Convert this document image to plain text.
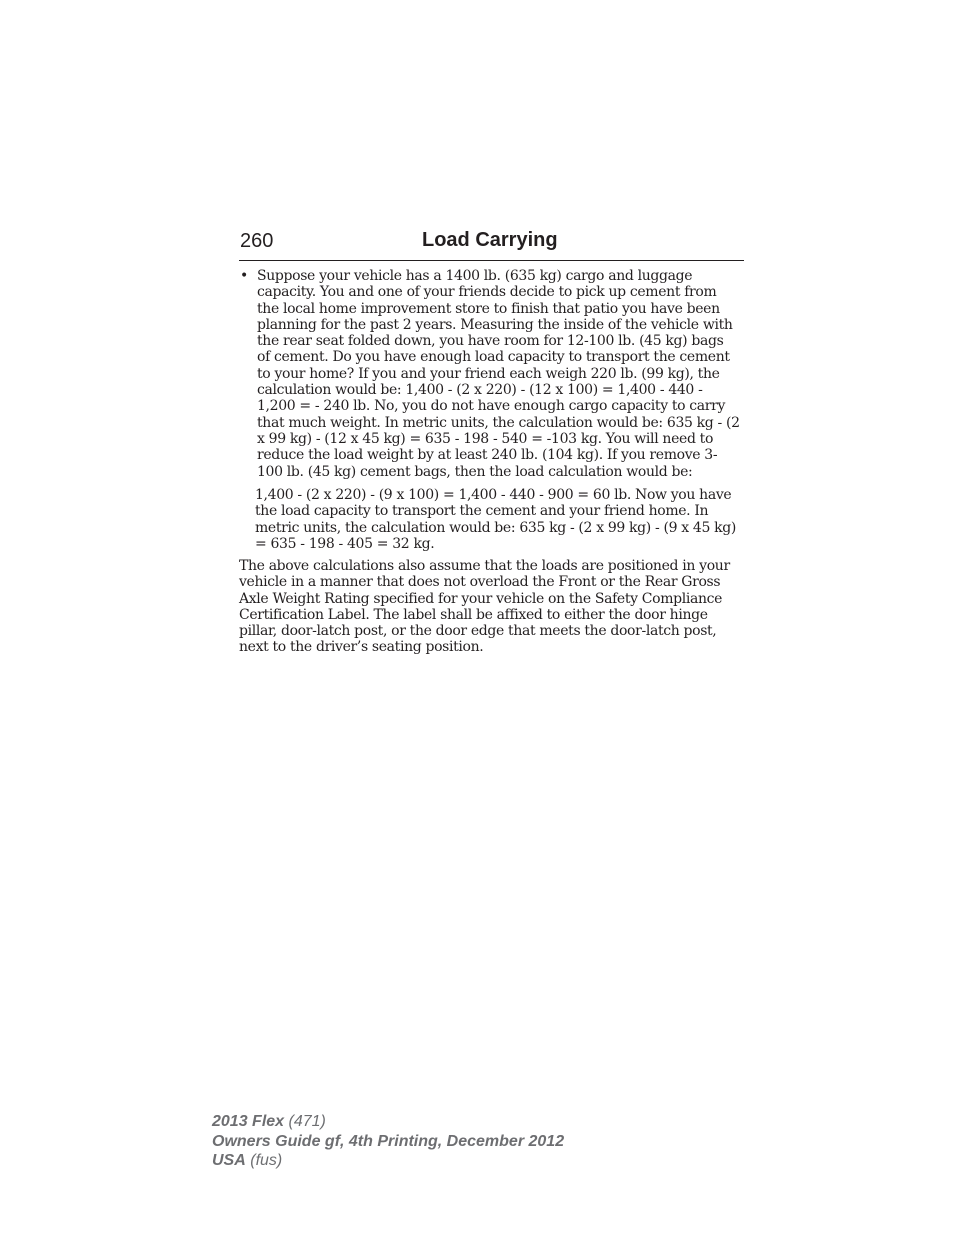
260	Load Carrying
• Suppose your vehicle has a 1400 lb. (635 kg) cargo and luggage capacity. You and one of your friends decide to pick up cement from the local home improvement store to finish that patio you have been planning for the past 2 years. Measuring the inside of the vehicle with the rear seat folded down, you have room for 12-100 lb. (45 kg) bags of cement. Do you have enough load capacity to transport the cement to your home? If you and your friend each weigh 220 lb. (99 kg), the calculation would be: 1,400 - (2 x 220) - (12 x 100) = 1,400 - 440 - 1,200 = - 240 lb. No, you do not have enough cargo capacity to carry that much weight. In metric units, the calculation would be: 635 kg - (2 x 99 kg) - (12 x 45 kg) = 635 - 198 - 540 = -103 kg. You will need to reduce the load weight by at least 240 lb. (104 kg). If you remove 3-100 lb. (45 kg) cement bags, then the load calculation would be:
1,400 - (2 x 220) - (9 x 100) = 1,400 - 440 - 900 = 60 lb. Now you have the load capacity to transport the cement and your friend home. In metric units, the calculation would be: 635 kg - (2 x 99 kg) - (9 x 45 kg) = 635 - 198 - 405 = 32 kg.
The above calculations also assume that the loads are positioned in your vehicle in a manner that does not overload the Front or the Rear Gross Axle Weight Rating specified for your vehicle on the Safety Compliance Certification Label. The label shall be affixed to either the door hinge pillar, door-latch post, or the door edge that meets the door-latch post, next to the driver’s seating position.
2013 Flex (471)
Owners Guide gf, 4th Printing, December 2012
USA (fus)
